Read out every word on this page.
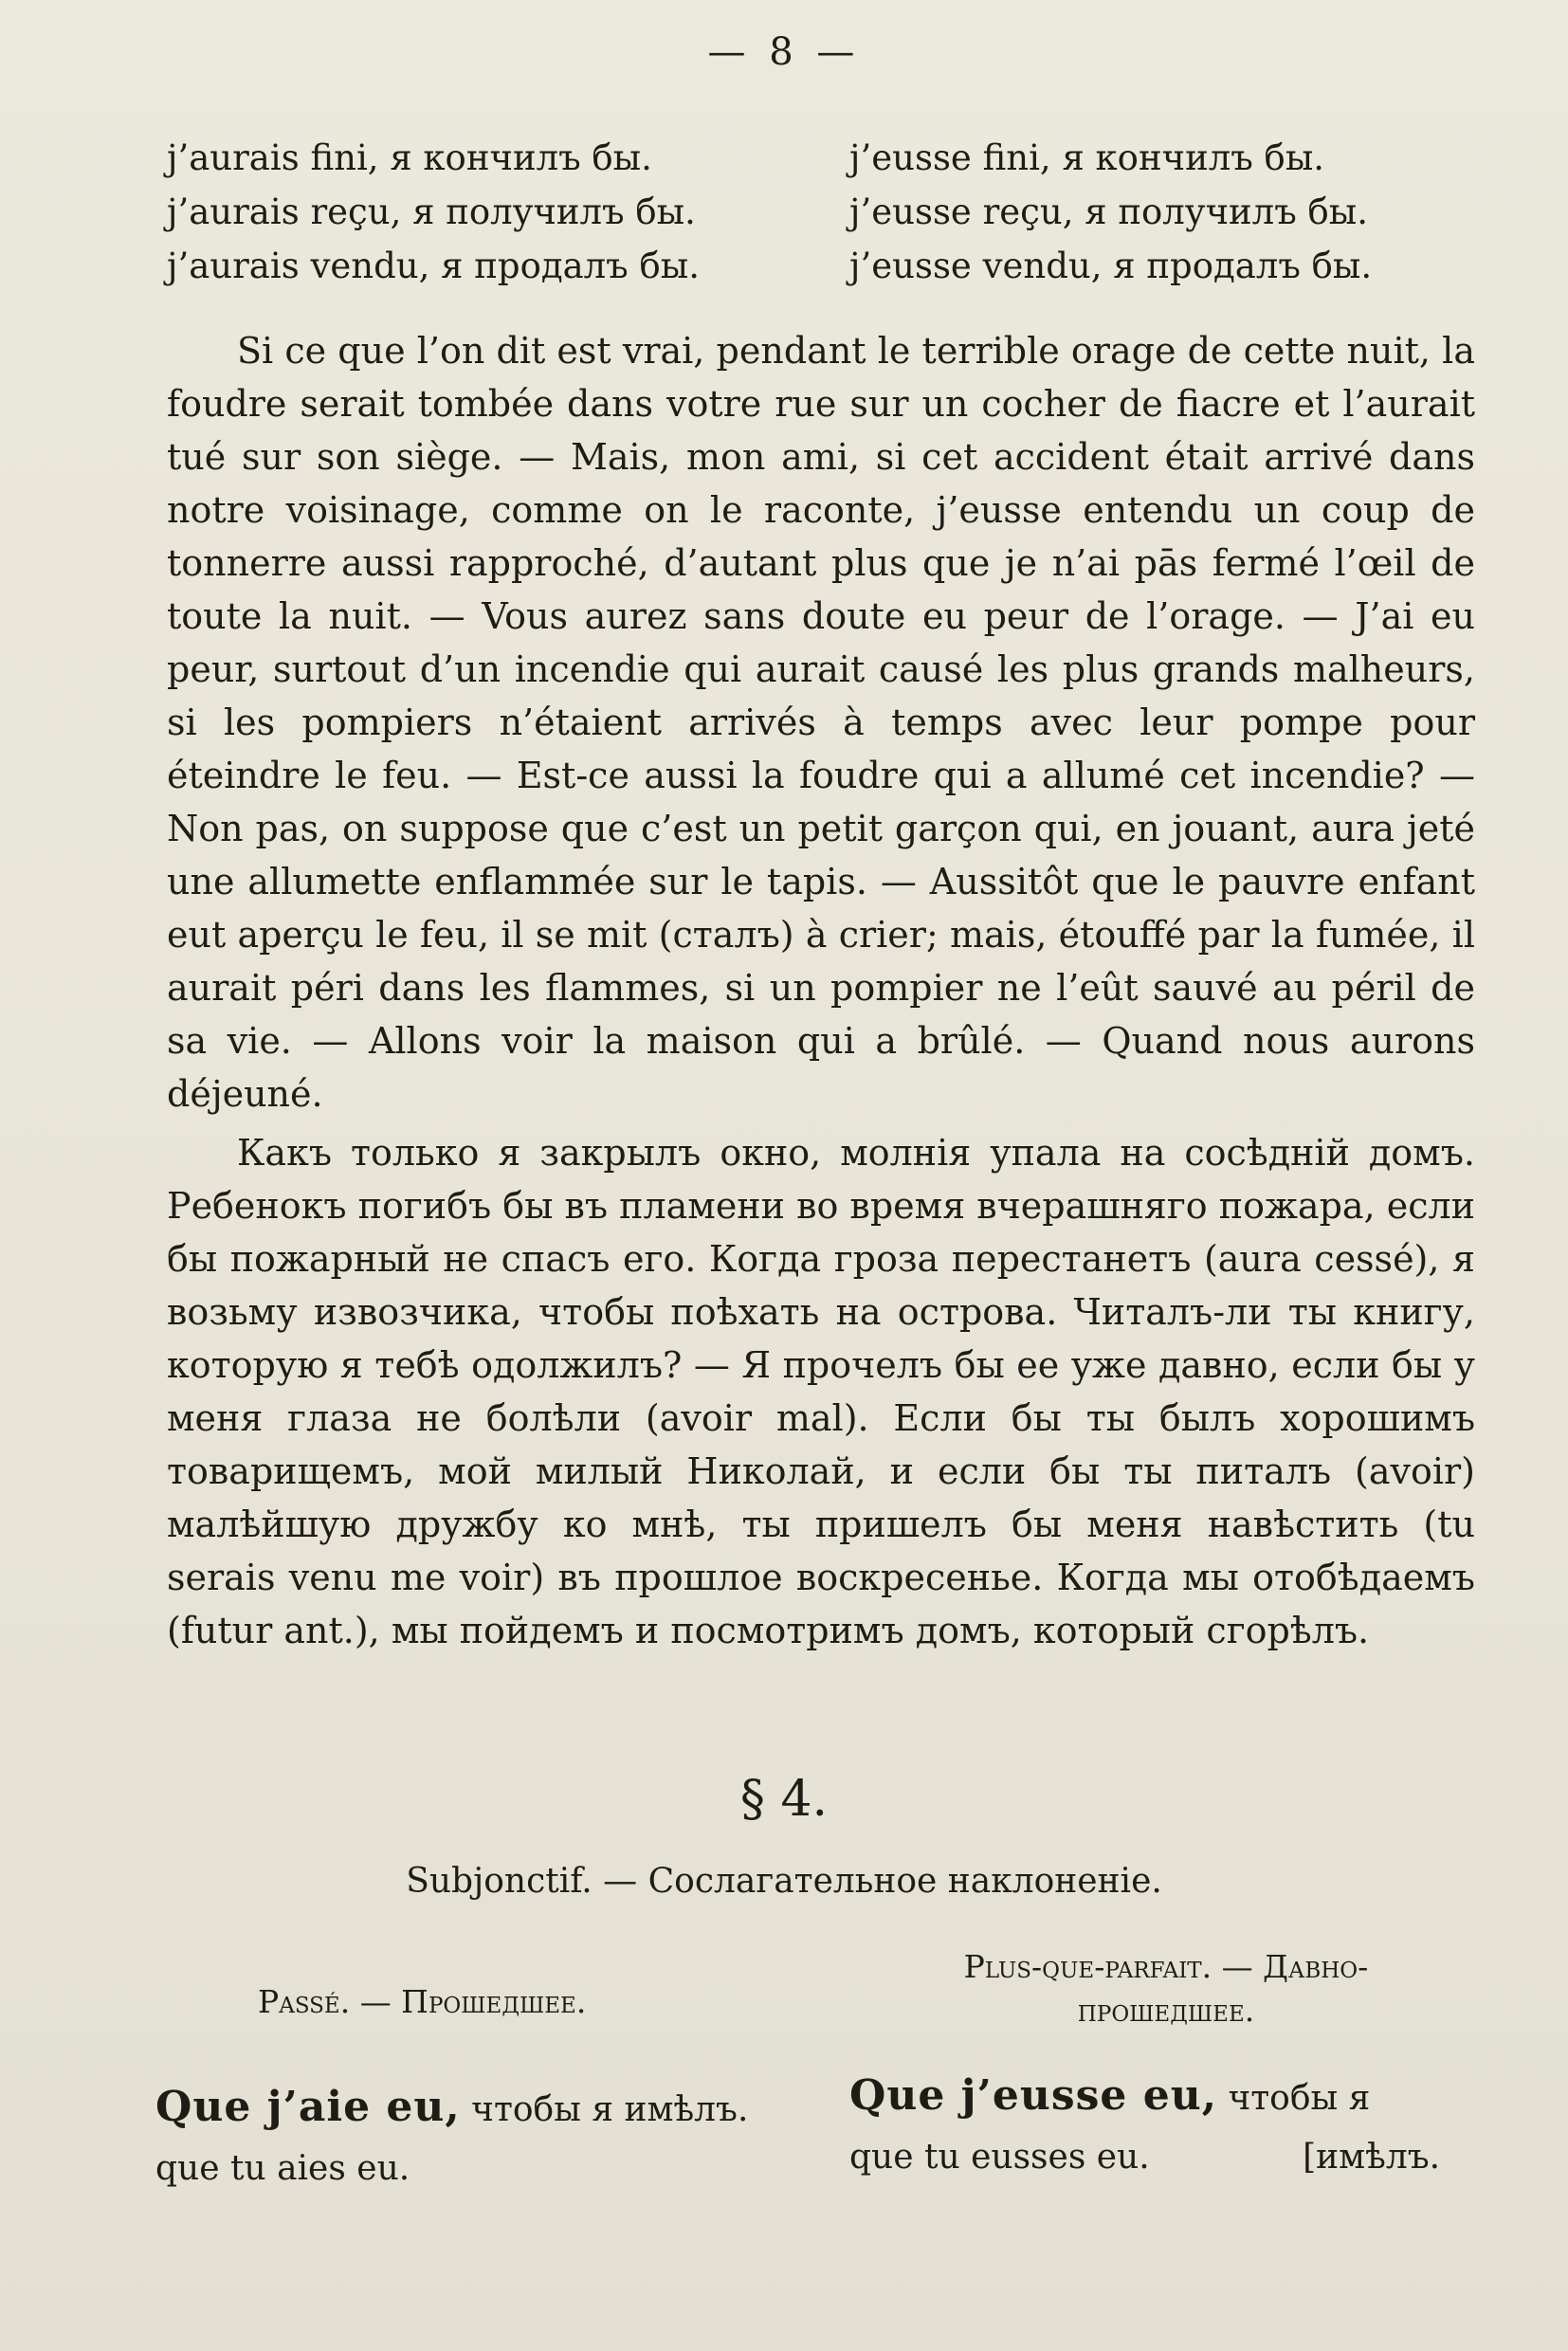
— 8 —
j’aurais fini, я кончилъ бы.	j’eusse fini, я кончилъ бы.
j’aurais reçu, я получилъ бы.	j’eusse reçu, я получилъ бы.
j’aurais vendu, я продалъ бы.	j’eusse vendu, я продалъ бы.

Si ce que l’on dit est vrai, pendant le terrible orage de cette nuit, la foudre serait tombée dans votre rue sur un cocher de fiacre et l’aurait tué sur son siège. — Mais, mon ami, si cet accident était arrivé dans notre voisinage, comme on le raconte, j’eusse entendu un coup de tonnerre aussi rapproché, d’autant plus que je n’ai pās fermé l’œil de toute la nuit. — Vous aurez sans doute eu peur de l’orage. — J’ai eu peur, surtout d’un incendie qui aurait causé les plus grands malheurs, si les pompiers n’étaient arrivés à temps avec leur pompe pour éteindre le feu. — Est-ce aussi la foudre qui a allumé cet incendie? — Non pas, on suppose que c’est un petit garçon qui, en jouant, aura jeté une allumette enflammée sur le tapis. — Aussitôt que le pauvre enfant eut aperçu le feu, il se mit (сталъ) à crier; mais, étouffé par la fumée, il aurait péri dans les flammes, si un pompier ne l’eût sauvé au péril de sa vie. — Allons voir la maison qui a brûlé. — Quand nous aurons déjeuné.

Какъ только я закрылъ окно, молнія упала на сосѣдній домъ. Ребенокъ погибъ бы въ пламени во время вчерашняго пожара, если бы пожарный не спасъ его. Когда гроза перестанетъ (aura cessé), я возьму извозчика, чтобы поѣхать на острова. Читалъ-ли ты книгу, которую я тебѣ одолжилъ? — Я прочелъ бы ее уже давно, если бы у меня глаза не болѣли (avoir mal). Если бы ты былъ хорошимъ товарищемъ, мой милый Николай, и если бы ты питалъ (avoir) малѣйшую дружбу ко мнѣ, ты пришелъ бы меня навѣстить (tu serais venu me voir) въ прошлое воскресенье. Когда мы отобѣдаемъ (futur ant.), мы пойдемъ и посмотримъ домъ, который сгорѣлъ.

§ 4.
Subjonctif. — Сослагательное наклоненіе.
Passé. — Прошедшее.
Plus-que-parfait. — Давно-
прошедшее.
Que j’aie eu, чтобы я имѣлъ.
que tu aies eu.
Que j’eusse eu, чтобы я
que tu eusses eu.	[имѣлъ.
